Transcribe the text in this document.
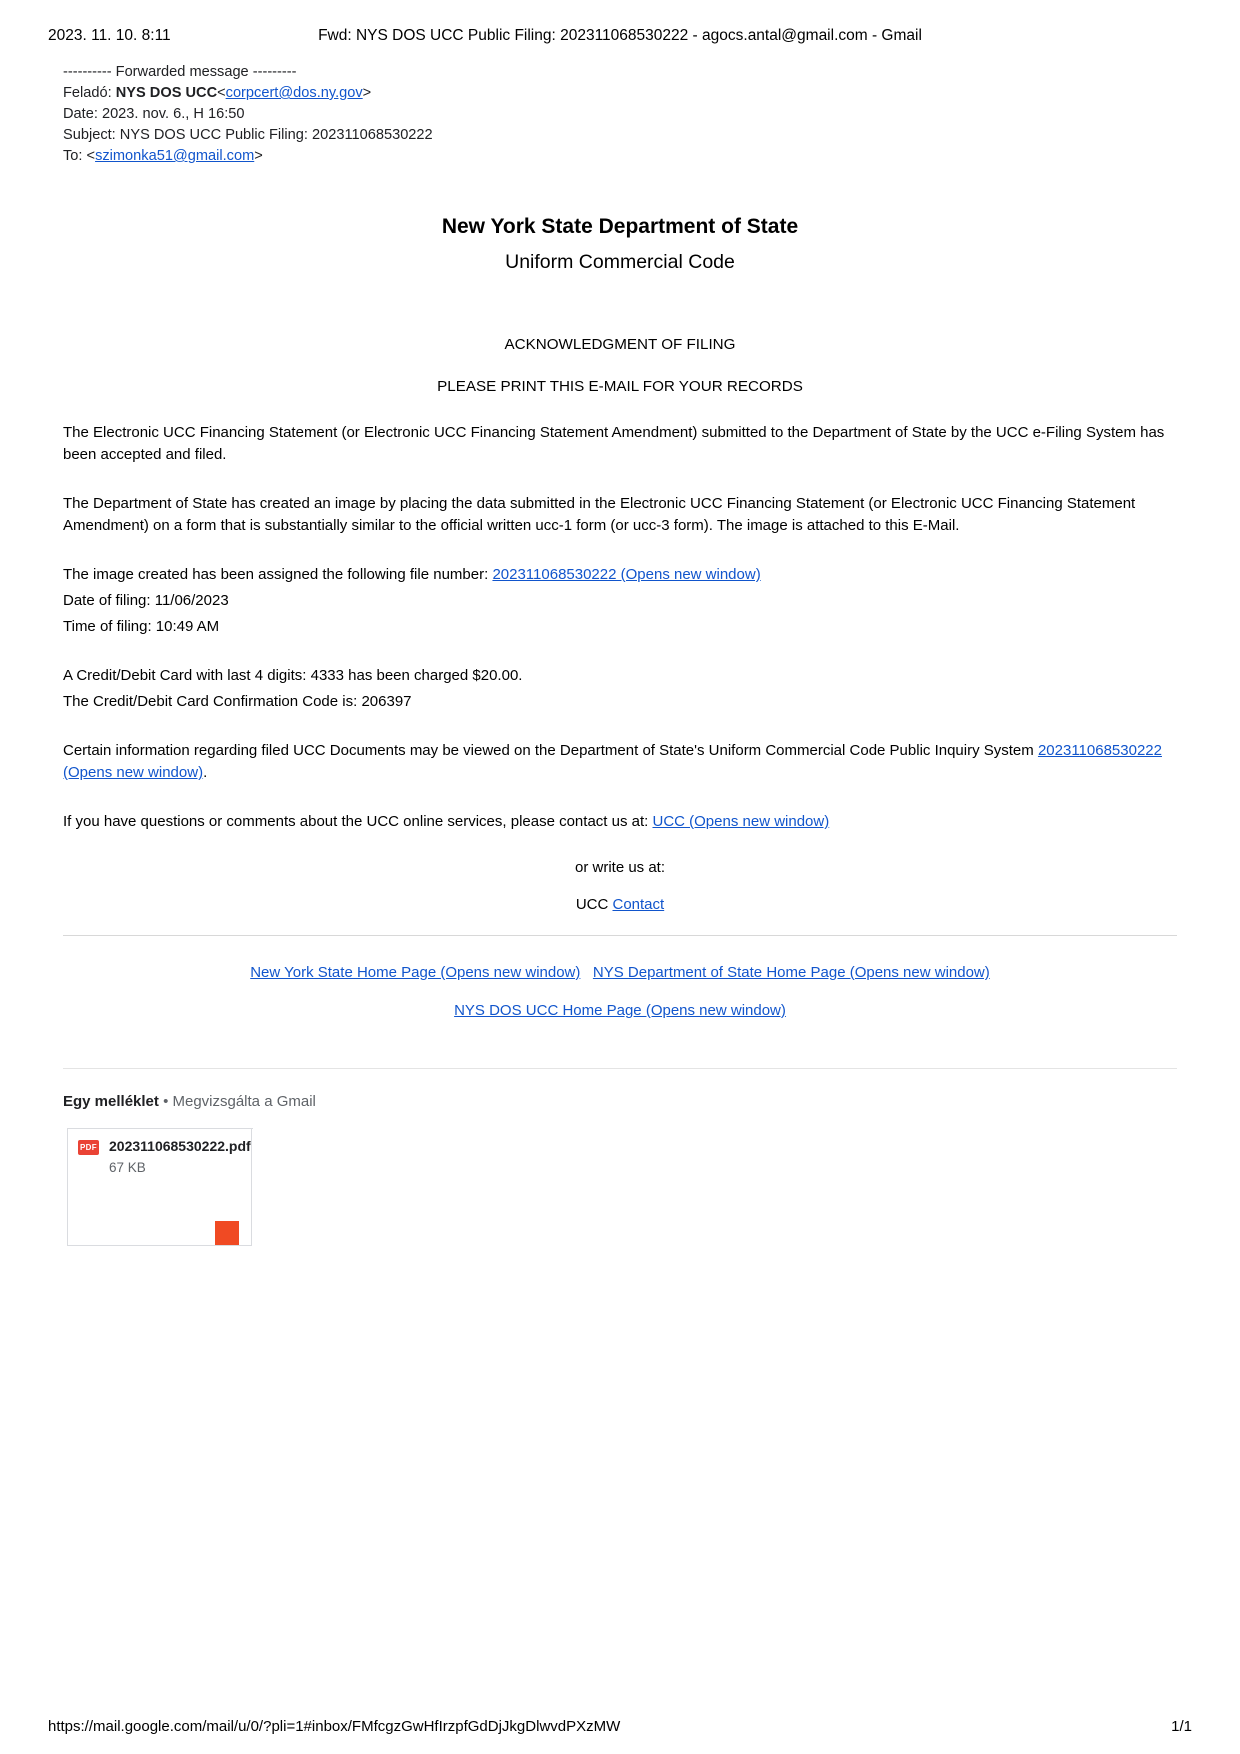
2023. 11. 10. 8:11	Fwd: NYS DOS UCC Public Filing: 202311068530222 - agocs.antal@gmail.com - Gmail
---------- Forwarded message ---------
Feladó: NYS DOS UCC<corpcert@dos.ny.gov>
Date: 2023. nov. 6., H 16:50
Subject: NYS DOS UCC Public Filing: 202311068530222
To: <szimonka51@gmail.com>
New York State Department of State
Uniform Commercial Code
ACKNOWLEDGMENT OF FILING
PLEASE PRINT THIS E-MAIL FOR YOUR RECORDS
The Electronic UCC Financing Statement (or Electronic UCC Financing Statement Amendment) submitted to the Department of State by the UCC e-Filing System has been accepted and filed.
The Department of State has created an image by placing the data submitted in the Electronic UCC Financing Statement (or Electronic UCC Financing Statement Amendment) on a form that is substantially similar to the official written ucc-1 form (or ucc-3 form). The image is attached to this E-Mail.
The image created has been assigned the following file number: 202311068530222 (Opens new window)
Date of filing: 11/06/2023
Time of filing: 10:49 AM
A Credit/Debit Card with last 4 digits: 4333 has been charged $20.00.
The Credit/Debit Card Confirmation Code is: 206397
Certain information regarding filed UCC Documents may be viewed on the Department of State's Uniform Commercial Code Public Inquiry System 202311068530222 (Opens new window).
If you have questions or comments about the UCC online services, please contact us at: UCC (Opens new window)
or write us at:
UCC Contact
New York State Home Page (Opens new window) NYS Department of State Home Page (Opens new window)
NYS DOS UCC Home Page (Opens new window)
Egy melléklet • Megvizsgálta a Gmail
PDF 202311068530222.pdf
67 KB
https://mail.google.com/mail/u/0/?pli=1#inbox/FMfcgzGwHfIrzpfGdDjJkgDlwvdPXzMW	1/1
